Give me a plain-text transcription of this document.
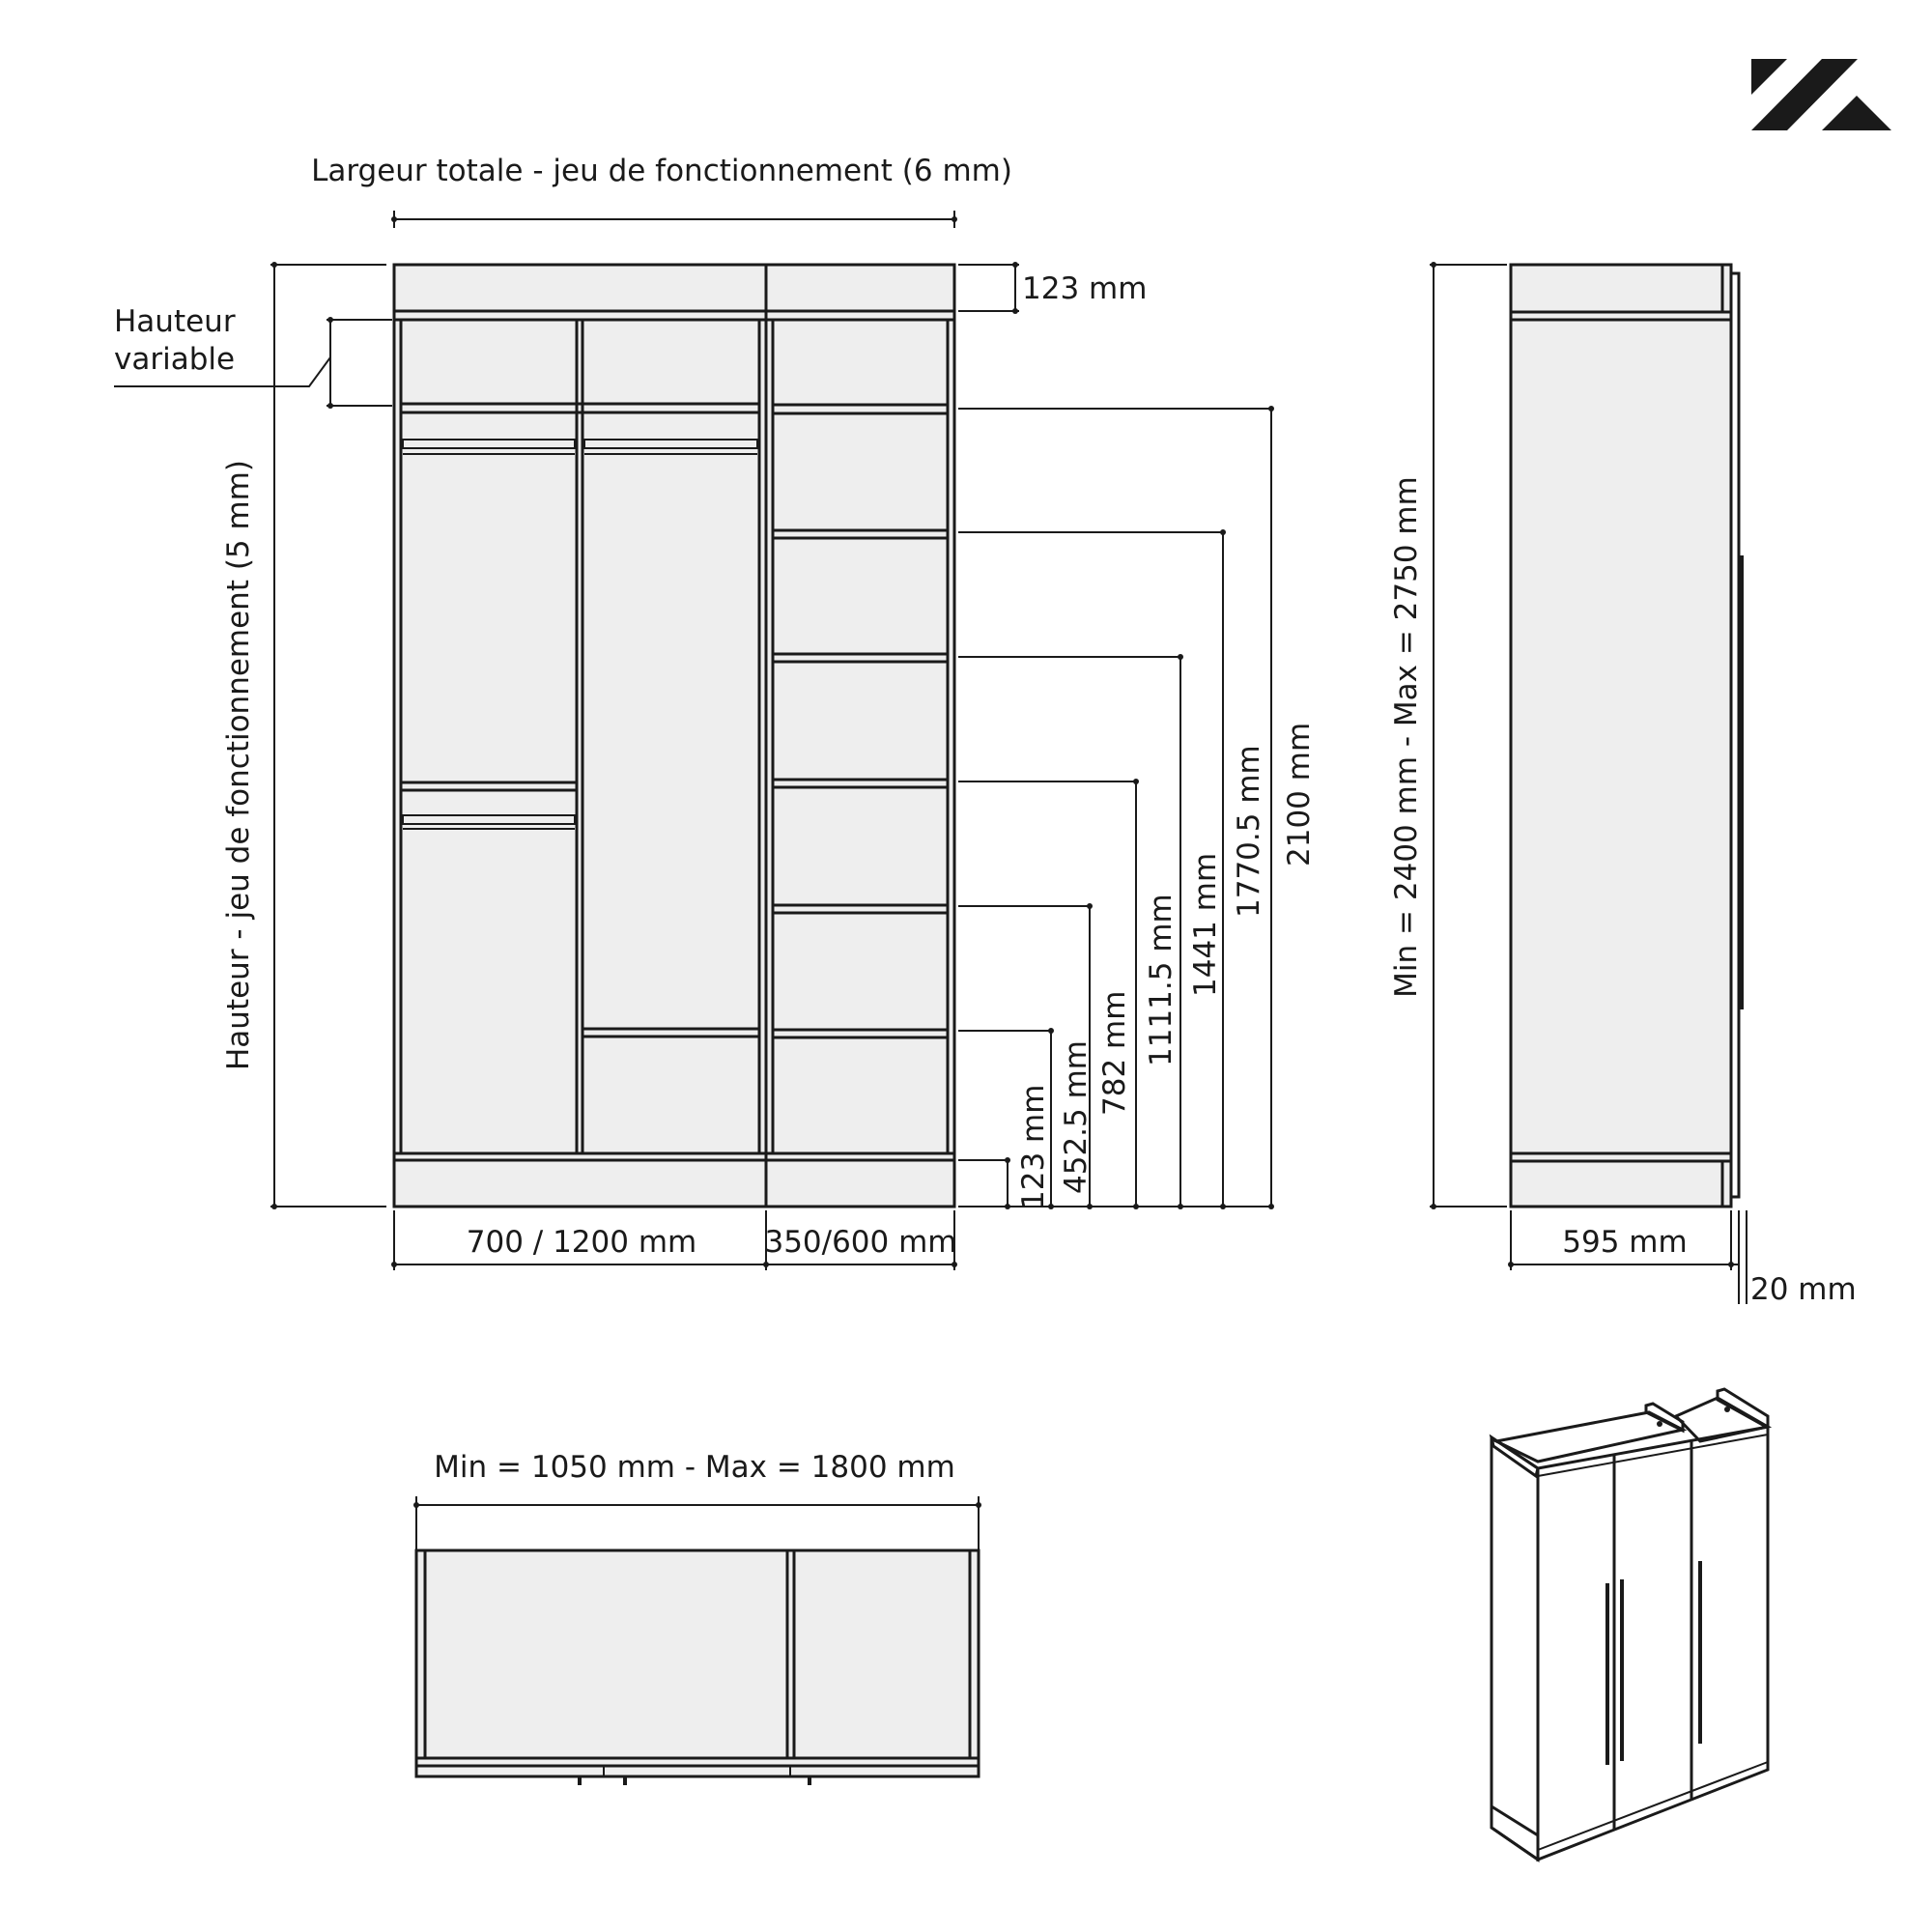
Largeur totale - jeu de fonctionnement (6 mm)
Hauteur - jeu de fonctionnement (5 mm)
Hauteur
variable
123 mm
700 / 1200 mm 350/600 mm
123 mm 452.5 mm 782 mm 1111.5 mm 1441 mm
1770.5 mm 2100 mm Min = 2400 mm - Max = 2750 mm
595 mm
20 mm
Min = 1050 mm - Max = 1800 mm
